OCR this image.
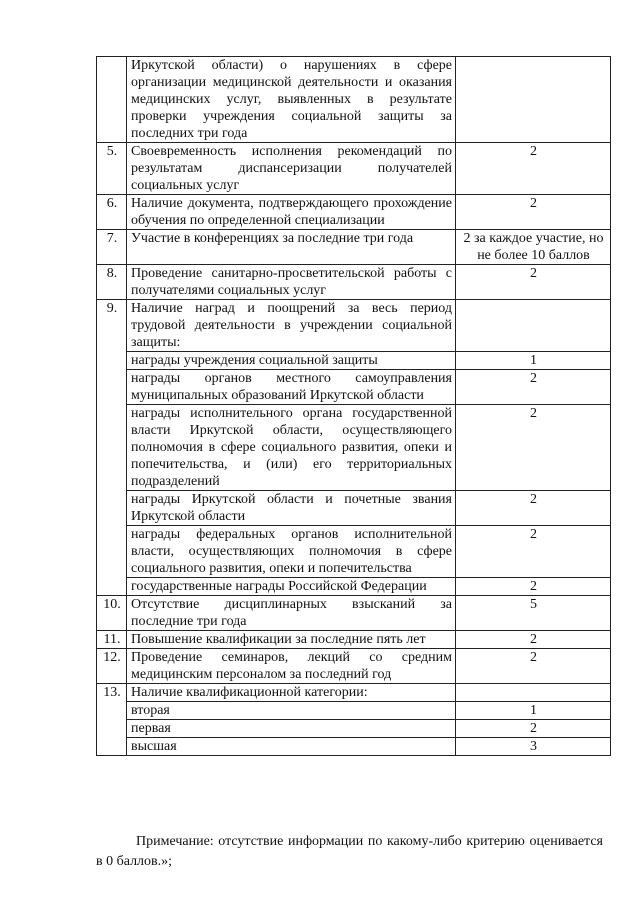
	Иркутской области) о нарушениях в сфере организации медицинской деятельности и оказания медицинских услуг, выявленных в результате проверки учреждения социальной защиты за последних три года	
5.	Своевременность исполнения рекомендаций по результатам диспансеризации получателей социальных услуг	2
6.	Наличие документа, подтверждающего прохождение обучения по определенной специализации	2
7.	Участие в конференциях за последние три года	2 за каждое участие, но не более 10 баллов
8.	Проведение санитарно-просветительской работы с получателями социальных услуг	2
9.	Наличие наград и поощрений за весь период трудовой деятельности в учреждении социальной защиты:	
	награды учреждения социальной защиты	1
	награды органов местного самоуправления муниципальных образований Иркутской области	2
	награды исполнительного органа государственной власти Иркутской области, осуществляющего полномочия в сфере социального развития, опеки и попечительства, и (или) его территориальных подразделений	2
	награды Иркутской области и почетные звания Иркутской области	2
	награды федеральных органов исполнительной власти, осуществляющих полномочия в сфере социального развития, опеки и попечительства	2
	государственные награды Российской Федерации	2
10.	Отсутствие дисциплинарных взысканий за последние три года	5
11.	Повышение квалификации за последние пять лет	2
12.	Проведение семинаров, лекций со средним медицинским персоналом за последний год	2
13.	Наличие квалификационной категории:	
	вторая	1
	первая	2
	высшая	3

Примечание: отсутствие информации по какому-либо критерию оценивается в 0 баллов.»;
